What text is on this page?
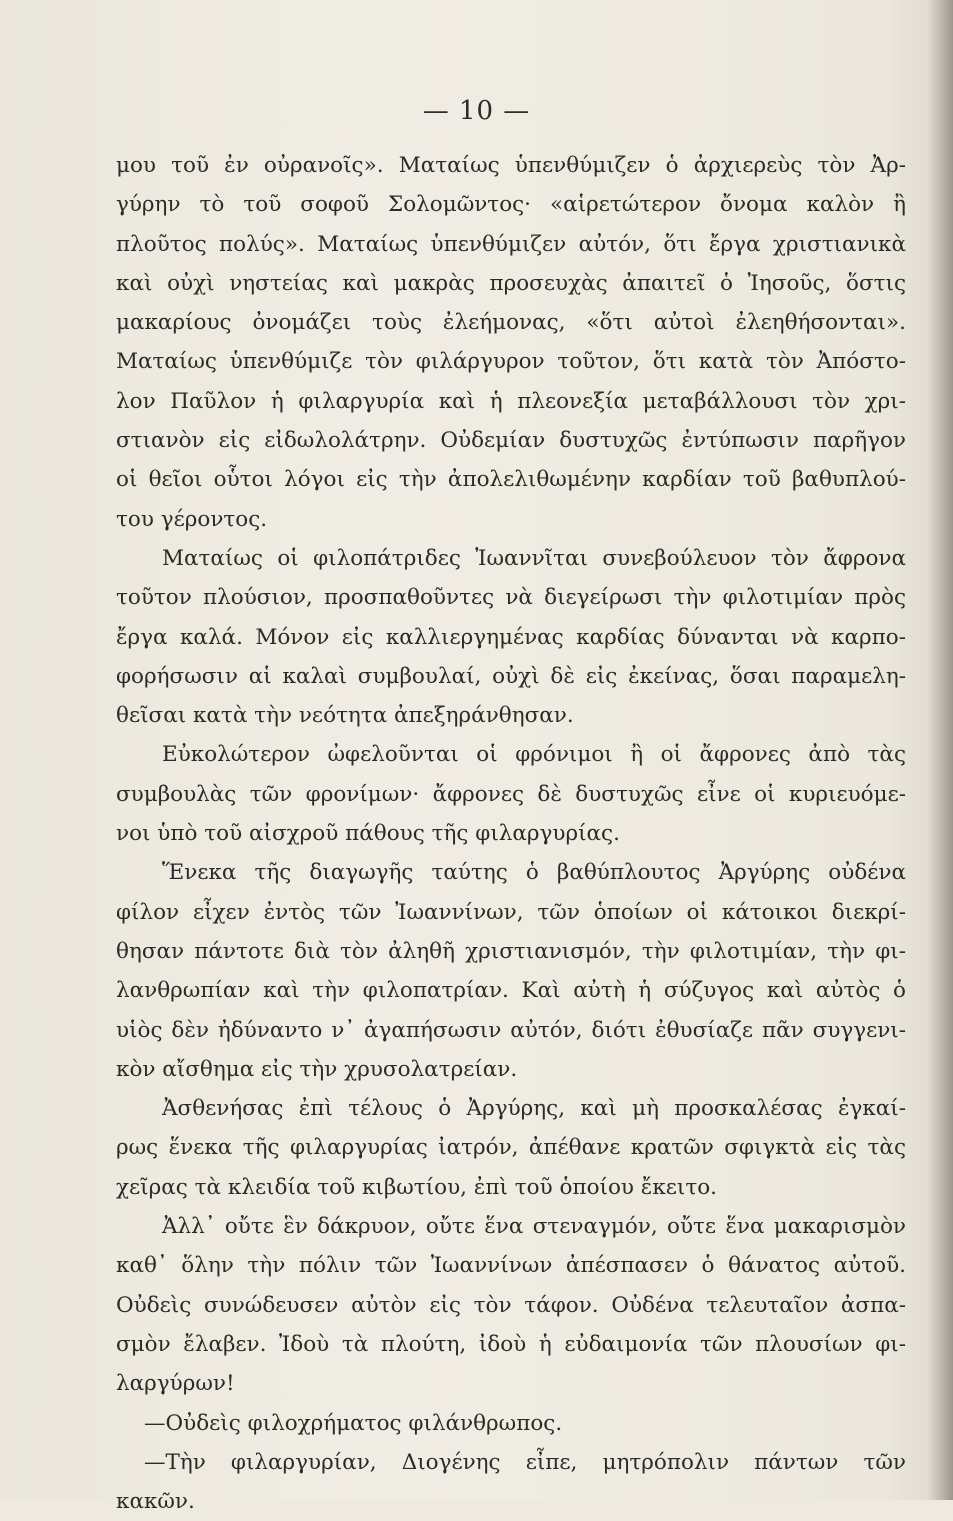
— 10 —
μου τοῦ ἐν οὐρανοῖς». Ματαίως ὑπενθύμιζεν ὁ ἀρχιερεὺς τὸν Ἀρ-
γύρην τὸ τοῦ σοφοῦ Σολομῶντος· «αἱρετώτερον ὄνομα καλὸν ἢ
πλοῦτος πολύς». Ματαίως ὑπενθύμιζεν αὐτόν, ὅτι ἔργα χριστιανικὰ
καὶ οὐχὶ νηστείας καὶ μακρὰς προσευχὰς ἀπαιτεῖ ὁ Ἰησοῦς, ὅστις
μακαρίους ὀνομάζει τοὺς ἐλεήμονας, «ὅτι αὐτοὶ ἐλεηθήσονται».
Ματαίως ὑπενθύμιζε τὸν φιλάργυρον τοῦτον, ὅτι κατὰ τὸν Ἀπόστο-
λον Παῦλον ἡ φιλαργυρία καὶ ἡ πλεονεξία μεταβάλλουσι τὸν χρι-
στιανὸν εἰς εἰδωλολάτρην. Οὐδεμίαν δυστυχῶς ἐντύπωσιν παρῆγον
οἱ θεῖοι οὗτοι λόγοι εἰς τὴν ἀπολελιθωμένην καρδίαν τοῦ βαθυπλού-
του γέροντος.
Ματαίως οἱ φιλοπάτριδες Ἰωαννῖται συνεβούλευον τὸν ἄφρονα
τοῦτον πλούσιον, προσπαθοῦντες νὰ διεγείρωσι τὴν φιλοτιμίαν πρὸς
ἔργα καλά. Μόνον εἰς καλλιεργημένας καρδίας δύνανται νὰ καρπο-
φορήσωσιν αἱ καλαὶ συμβουλαί, οὐχὶ δὲ εἰς ἐκείνας, ὅσαι παραμελη-
θεῖσαι κατὰ τὴν νεότητα ἀπεξηράνθησαν.
Εὐκολώτερον ὠφελοῦνται οἱ φρόνιμοι ἢ οἱ ἄφρονες ἀπὸ τὰς
συμβουλὰς τῶν φρονίμων· ἄφρονες δὲ δυστυχῶς εἶνε οἱ κυριευόμε-
νοι ὑπὸ τοῦ αἰσχροῦ πάθους τῆς φιλαργυρίας.
Ἕνεκα τῆς διαγωγῆς ταύτης ὁ βαθύπλουτος Ἀργύρης οὐδένα
φίλον εἶχεν ἐντὸς τῶν Ἰωαννίνων, τῶν ὁποίων οἱ κάτοικοι διεκρί-
θησαν πάντοτε διὰ τὸν ἀληθῆ χριστιανισμόν, τὴν φιλοτιμίαν, τὴν φι-
λανθρωπίαν καὶ τὴν φιλοπατρίαν. Καὶ αὐτὴ ἡ σύζυγος καὶ αὐτὸς ὁ
υἱὸς δὲν ἠδύναντο ν᾽ ἀγαπήσωσιν αὐτόν, διότι ἐθυσίαζε πᾶν συγγενι-
κὸν αἴσθημα εἰς τὴν χρυσολατρείαν.
Ἀσθενήσας ἐπὶ τέλους ὁ Ἀργύρης, καὶ μὴ προσκαλέσας ἐγκαί-
ρως ἕνεκα τῆς φιλαργυρίας ἰατρόν, ἀπέθανε κρατῶν σφιγκτὰ εἰς τὰς
χεῖρας τὰ κλειδία τοῦ κιβωτίου, ἐπὶ τοῦ ὁποίου ἔκειτο.
Ἀλλ᾽ οὔτε ἓν δάκρυον, οὔτε ἕνα στεναγμόν, οὔτε ἕνα μακαρισμὸν
καθ᾽ ὅλην τὴν πόλιν τῶν Ἰωαννίνων ἀπέσπασεν ὁ θάνατος αὐτοῦ.
Οὐδεὶς συνώδευσεν αὐτὸν εἰς τὸν τάφον. Οὐδένα τελευταῖον ἀσπα-
σμὸν ἔλαβεν. Ἰδοὺ τὰ πλούτη, ἰδοὺ ἡ εὐδαιμονία τῶν πλουσίων φι-
λαργύρων!
—Οὐδεὶς φιλοχρήματος φιλάνθρωπος.
—Τὴν φιλαργυρίαν, Διογένης εἶπε, μητρόπολιν πάντων τῶν
κακῶν.
